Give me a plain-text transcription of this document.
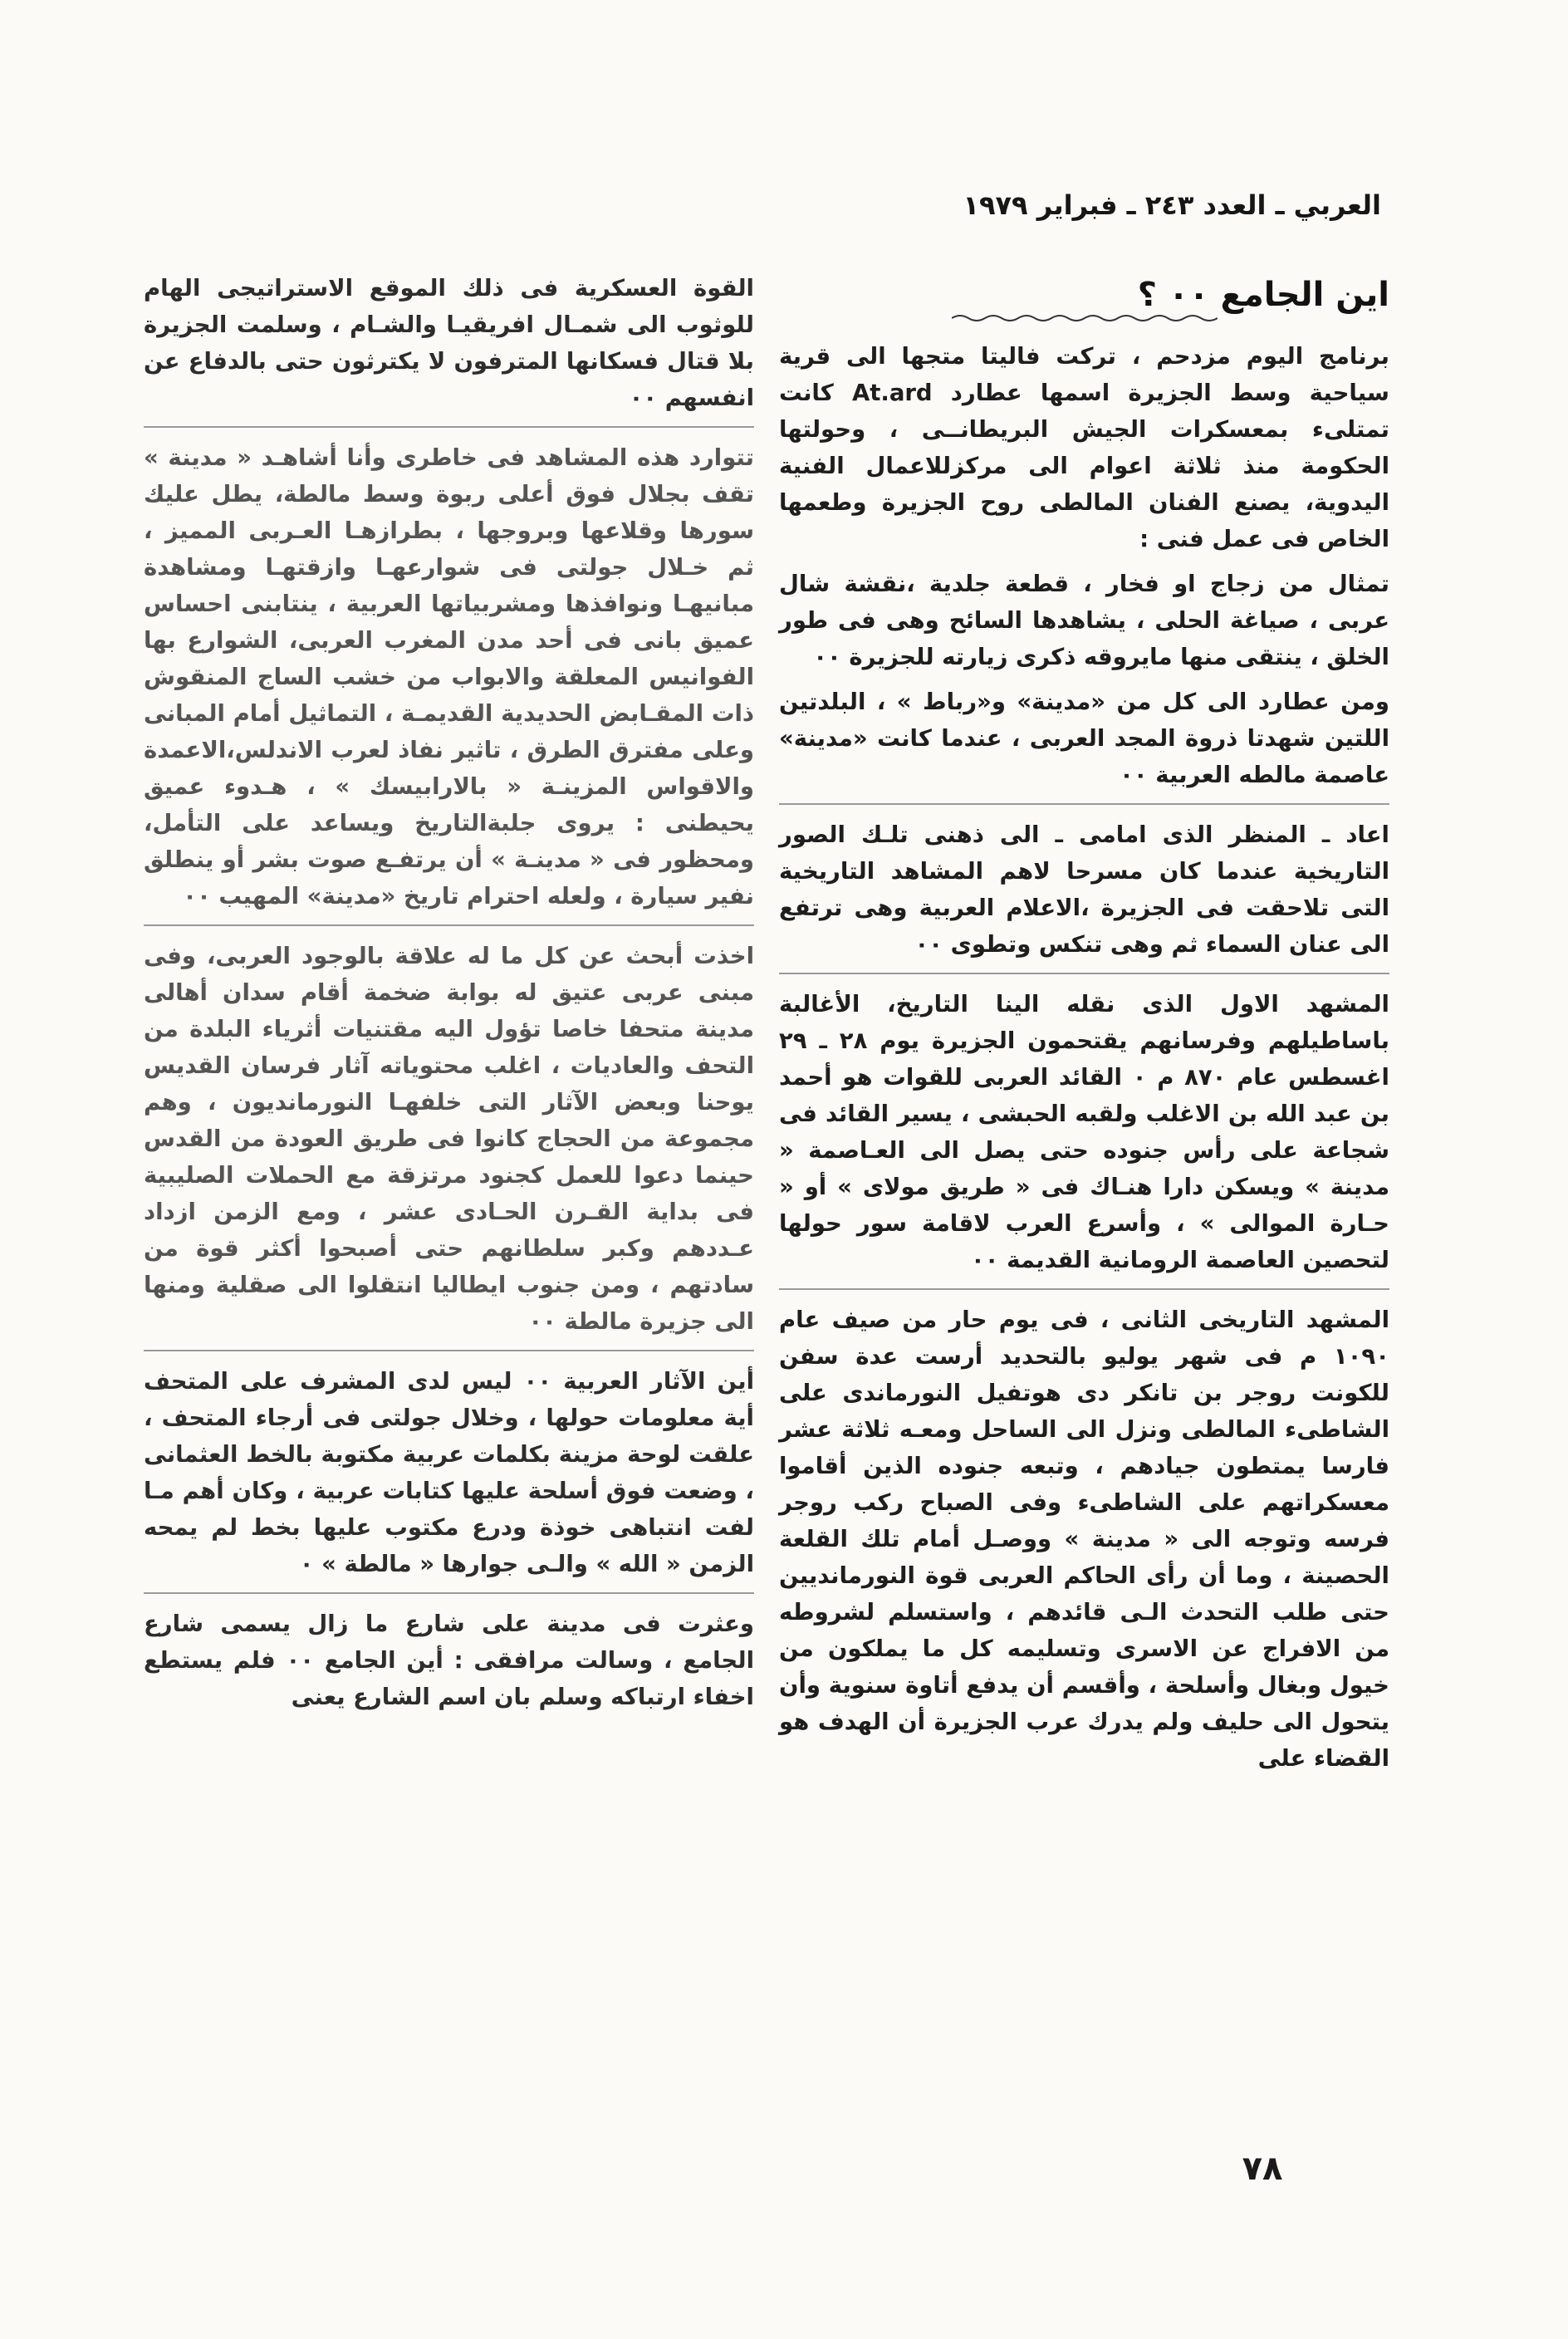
العربي ـ العدد ٢٤٣ ـ فبراير ١٩٧٩
اين الجامع ٠٠ ؟

برنامج اليوم مزدحم ، تركت فاليتا متجها الى قرية سياحية وسط الجزيرة اسمها عطارد At.ard كانت تمتلىء بمعسكرات الجيش البريطانــى ، وحولتها الحكومة منذ ثلاثة اعوام الى مركزللاعمال الفنية اليدوية، يصنع الفنان المالطى روح الجزيرة وطعمها الخاص فى عمل فنى :

تمثال من زجاج او فخار ، قطعة جلدية ،نقشة شال عربى ، صياغة الحلى ، يشاهدها السائح وهى فى طور الخلق ، ينتقى منها مايروقه ذكرى زيارته للجزيرة ٠٠

ومن عطارد الى كل من «مدينة» و«رباط » ، البلدتين اللتين شهدتا ذروة المجد العربى ، عندما كانت «مدينة» عاصمة مالطه العربية ٠٠

اعاد ـ المنظر الذى امامى ـ الى ذهنى تلـك الصور التاريخية عندما كان مسرحا لاهم المشاهد التاريخية التى تلاحقت فى الجزيرة ،الاعلام العربية وهى ترتفع الى عنان السماء ثم وهى تنكس وتطوى ٠٠

المشهد الاول الذى نقله الينا التاريخ، الأغالبة باساطيلهم وفرسانهم يقتحمون الجزيرة يوم ٢٨ ـ ٢٩ اغسطس عام ٨٧٠ م ٠ القائد العربى للقوات هو أحمد بن عبد الله بن الاغلب ولقبه الحبشى ، يسير القائد فى شجاعة على رأس جنوده حتى يصل الى العـاصمة « مدينة » ويسكن دارا هنـاك فى « طريق مولاى » أو « حـارة الموالى » ، وأسرع العرب لاقامة سور حولها لتحصين العاصمة الرومانية القديمة ٠٠

المشهد التاريخى الثانى ، فى يوم حار من صيف عام ١٠٩٠ م فى شهر يوليو بالتحديد أرست عدة سفن للكونت روجر بن تانكر دى هوتفيل النورماندى على الشاطىء المالطى ونزل الى الساحل ومعـه ثلاثة عشر فارسا يمتطون جيادهم ، وتبعه جنوده الذين أقاموا معسكراتهم على الشاطىء وفى الصباح ركب روجر فرسه وتوجه الى « مدينة » ووصـل أمام تلك القلعة الحصينة ، وما أن رأى الحاكم العربى قوة النورمانديين حتى طلب التحدث الـى قائدهم ، واستسلم لشروطه من الافراج عن الاسرى وتسليمه كل ما يملكون من خيول وبغال وأسلحة ، وأقسم أن يدفع أتاوة سنوية وأن يتحول الى حليف ولم يدرك عرب الجزيرة أن الهدف هو القضاء على

القوة العسكرية فى ذلك الموقع الاستراتيجى الهام للوثوب الى شمـال افريقيـا والشـام ، وسلمت الجزيرة بلا قتال فسكانها المترفون لا يكترثون حتى بالدفاع عن انفسهم ٠٠

تتوارد هذه المشاهد فى خاطرى وأنا أشاهـد « مدينة » تقف بجلال فوق أعلى ربوة وسط مالطة، يطل عليك سورها وقلاعها وبروجها ، بطرازهـا العـربى المميز ، ثم خـلال جولتى فى شوارعهـا وازقتهـا ومشاهدة مبانيهـا ونوافذها ومشربياتها العربية ، ينتابنى احساس عميق بانى فى أحد مدن المغرب العربى، الشوارع بها الفوانيس المعلقة والابواب من خشب الساج المنقوش ذات المقـابض الحديدية القديمـة ، التماثيل أمام المبانى وعلى مفترق الطرق ، تاثير نفاذ لعرب الاندلس،الاعمدة والاقواس المزينـة « بالارابيسك » ، هـدوء عميق يحيطنى : يروى جلبةالتاريخ ويساعد على التأمل، ومحظور فى « مدينـة » أن يرتفـع صوت بشر أو ينطلق نفير سيارة ، ولعله احترام تاريخ «مدينة» المهيب ٠٠

اخذت أبحث عن كل ما له علاقة بالوجود العربى، وفى مبنى عربى عتيق له بوابة ضخمة أقام سدان أهالى مدينة متحفا خاصا تؤول اليه مقتنيات أثرياء البلدة من التحف والعاديات ، اغلب محتوياته آثار فرسان القديس يوحنا وبعض الآثار التى خلفهـا النورمانديون ، وهم مجموعة من الحجاج كانوا فى طريق العودة من القدس حينما دعوا للعمل كجنود مرتزقة مع الحملات الصليبية فى بداية القـرن الحـادى عشر ، ومع الزمن ازداد عـددهم وكبر سلطانهم حتى أصبحوا أكثر قوة من سادتهم ، ومن جنوب ايطاليا انتقلوا الى صقلية ومنها الى جزيرة مالطة ٠٠

أين الآثار العربية ٠٠ ليس لدى المشرف على المتحف أية معلومات حولها ، وخلال جولتى فى أرجاء المتحف ، علقت لوحة مزينة بكلمات عربية مكتوبة بالخط العثمانى ، وضعت فوق أسلحة عليها كتابات عربية ، وكان أهم مـا لفت انتباهى خوذة ودرع مكتوب عليها بخط لم يمحه الزمن « الله » والـى جوارها « مالطة » ٠

وعثرت فى مدينة على شارع ما زال يسمى شارع الجامع ، وسالت مرافقى : أين الجامع ٠٠ فلم يستطع اخفاء ارتباكه وسلم بان اسم الشارع يعنى

٧٨
